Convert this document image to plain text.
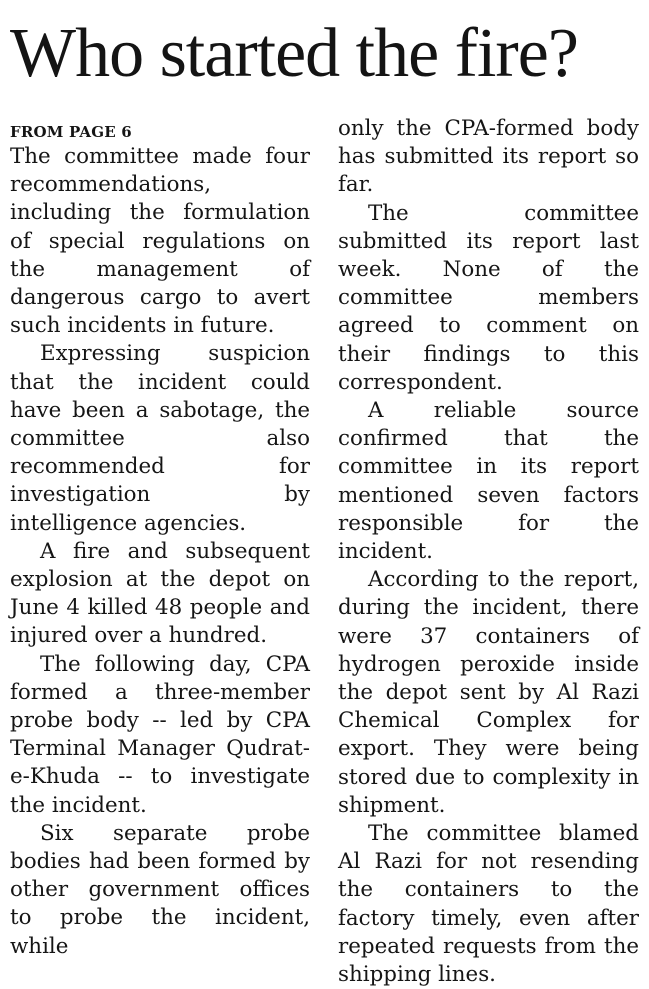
Who started the fire?

FROM PAGE 6

The committee made four recommendations, including the formulation of special regulations on the management of dangerous cargo to avert such incidents in future.

Expressing suspicion that the incident could have been a sabotage, the committee also recommended for investigation by intelligence agencies.

A fire and subsequent explosion at the depot on June 4 killed 48 people and injured over a hundred.

The following day, CPA formed a three-member probe body -- led by CPA Terminal Manager Qudrat-e-Khuda -- to investigate the incident.

Six separate probe bodies had been formed by other government offices to probe the incident, while

only the CPA-formed body has submitted its report so far.

The committee submitted its report last week. None of the committee members agreed to comment on their findings to this correspondent.

A reliable source confirmed that the committee in its report mentioned seven factors responsible for the incident.

According to the report, during the incident, there were 37 containers of hydrogen peroxide inside the depot sent by Al Razi Chemical Complex for export. They were being stored due to complexity in shipment.

The committee blamed Al Razi for not resending the containers to the factory timely, even after repeated requests from the shipping lines.
